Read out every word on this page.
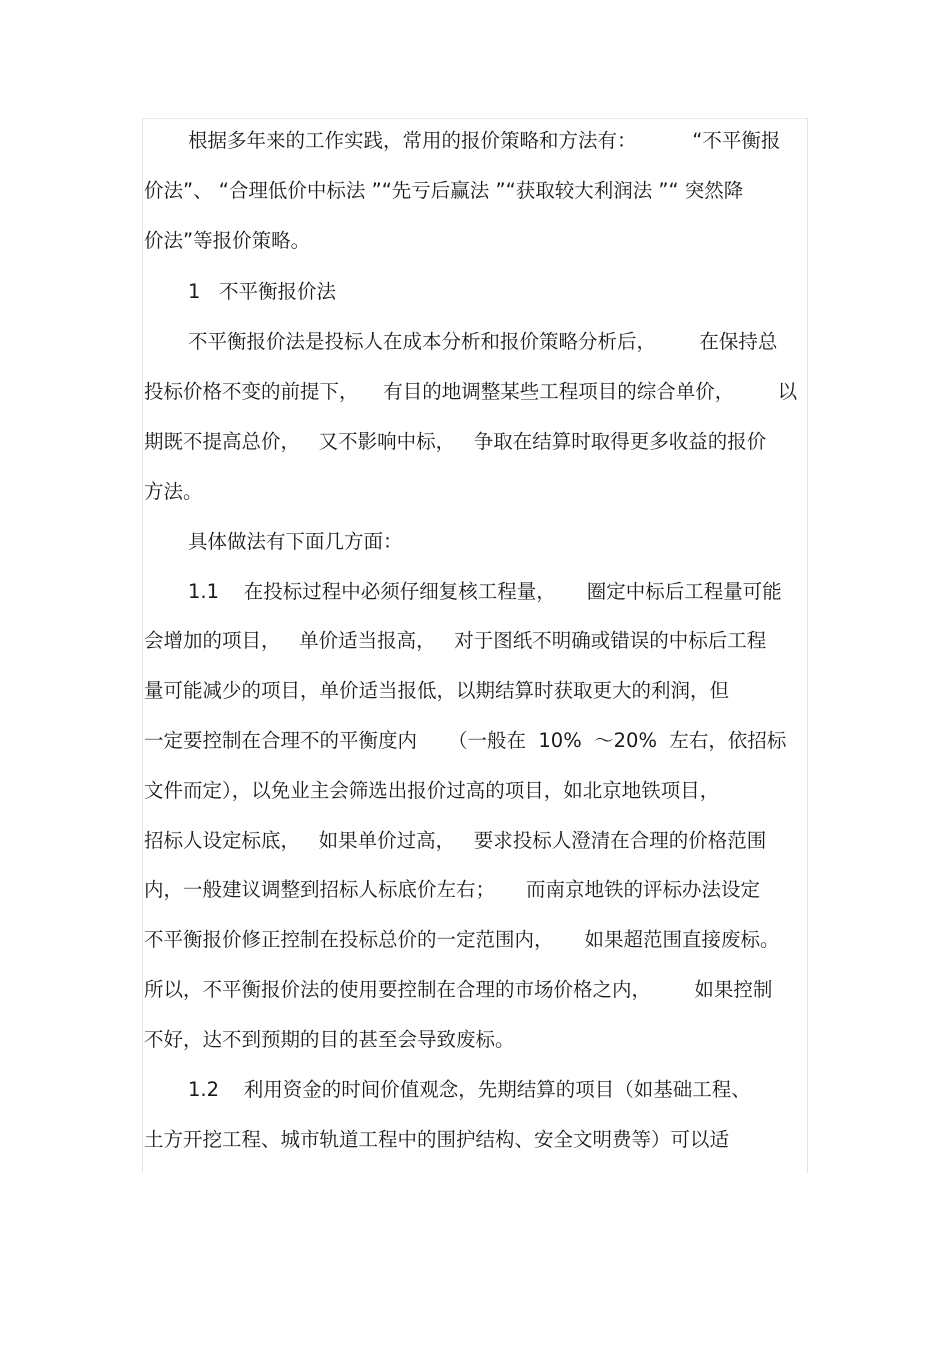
根据多年来的工作实践，常用的报价策略和方法有：         “不平衡报
价法”、 “合理低价中标法 ”“先亏后赢法 ”“获取较大利润法 ”“ 突然降
价法”等报价策略。
1   不平衡报价法
不平衡报价法是投标人在成本分析和报价策略分析后，       在保持总
投标价格不变的前提下，    有目的地调整某些工程项目的综合单价，       以
期既不提高总价，   又不影响中标，   争取在结算时取得更多收益的报价
方法。
具体做法有下面几方面：
1.1    在投标过程中必须仔细复核工程量，     圈定中标后工程量可能
会增加的项目，   单价适当报高，   对于图纸不明确或错误的中标后工程
量可能减少的项目，单价适当报低，以期结算时获取更大的利润，但
一定要控制在合理不的平衡度内     （一般在  10%  ～20%  左右，依招标
文件而定），以免业主会筛选出报价过高的项目，如北京地铁项目，
招标人设定标底，   如果单价过高，   要求投标人澄清在合理的价格范围
内，一般建议调整到招标人标底价左右；     而南京地铁的评标办法设定
不平衡报价修正控制在投标总价的一定范围内，     如果超范围直接废标。
所以，不平衡报价法的使用要控制在合理的市场价格之内，       如果控制
不好，达不到预期的目的甚至会导致废标。
1.2    利用资金的时间价值观念，先期结算的项目（如基础工程、
土方开挖工程、城市轨道工程中的围护结构、安全文明费等）可以适
